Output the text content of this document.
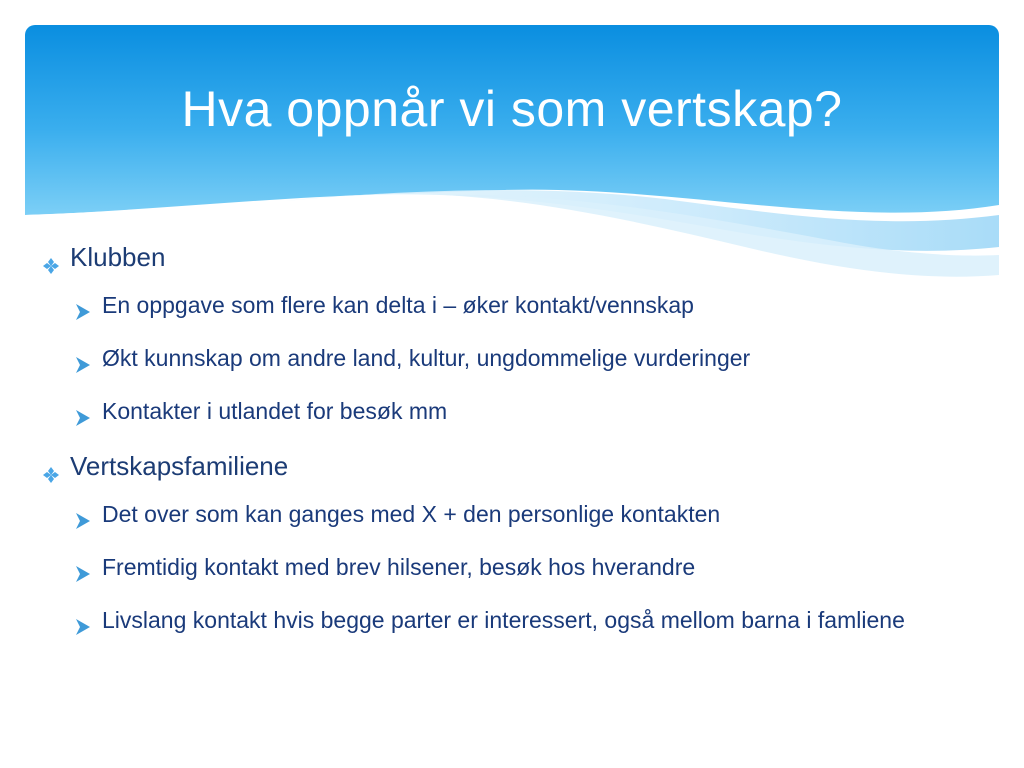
Hva oppnår vi som vertskap?
Klubben
En oppgave som flere kan delta i – øker kontakt/vennskap
Økt kunnskap om andre land, kultur, ungdommelige vurderinger
Kontakter i utlandet for besøk mm
Vertskapsfamiliene
Det over som kan ganges med X + den personlige kontakten
Fremtidig kontakt med brev hilsener, besøk hos hverandre
Livslang kontakt hvis begge parter er interessert, også mellom barna i famliene
